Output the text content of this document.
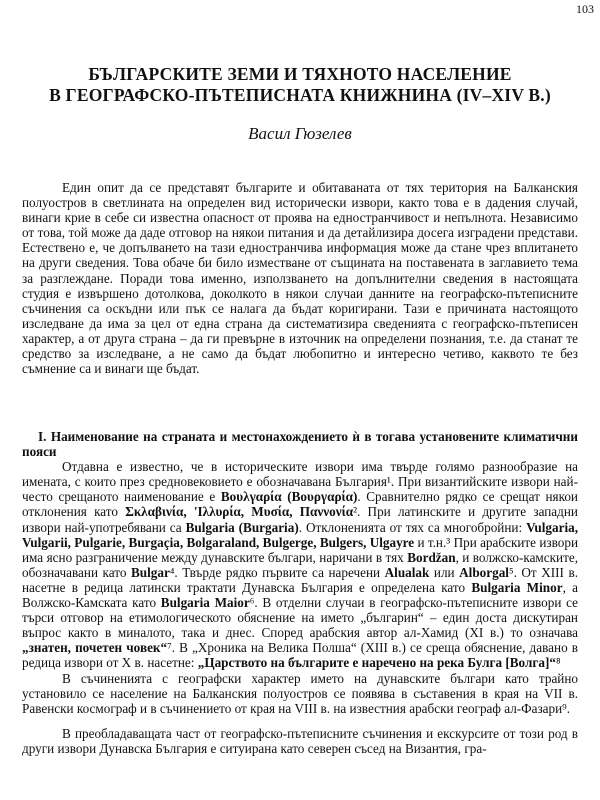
103
БЪЛГАРСКИТЕ ЗЕМИ И ТЯХНОТО НАСЕЛЕНИЕ
В ГЕОГРАФСКО-ПЪТЕПИСНАТА КНИЖНИНА (IV–XIV В.)
Васил Гюзелев

Един опит да се представят българите и обитаваната от тях територия на Балканския полуостров в светлината на определен вид исторически извори, както това е в дадения случай, винаги крие в себе си известна опасност от проява на едностранчивост и непълнота. Независимо от това, той може да даде отговор на някои питания и да детайлизира досега изградени представи. Естествено е, че допълването на тази едностранчива информация може да стане чрез вплитането на други сведения. Това обаче би било изместване от същината на поставената в заглавието тема за разглеждане. Поради това именно, използването на допълнителни сведения в настоящата студия е извършено дотолкова, доколкото в някои случаи данните на географско-пътеписните съчинения са оскъдни или пък се налага да бъдат коригирани. Тази е причината настоящото изследване да има за цел от една страна да систематизира сведенията с географско-пътеписен характер, а от друга страна – да ги превърне в източник на определени познания, т.е. да станат те средство за изследване, а не само да бъдат любопитно и интересно четиво, каквото те без съмнение са и винаги ще бъдат.

I. Наименование на страната и местонахождението ѝ в тогава установените климатични пояси

Отдавна е известно, че в историческите извори има твърде голямо разнообразие на имената, с които през средновековието е обозначавана България¹. При византийските извори най-често срещаното наименование е Βουλγαρία (Βουργαρία). Сравнително рядко се срещат някои отклонения като Σκλαβινία, 'Ιλλυρία, Μυσία, Παννονία². При латинските и другите западни извори най-употребявани са Bulgaria (Burgaria). Отклоненията от тях са многобройни: Vulgaria, Vulgarii, Pulgarie, Burgaçia, Bolgaraland, Bulgerge, Bulgers, Ulgayre и т.н.³ При арабските извори има ясно разграничение между дунавските българи, наричани в тях Bordžan, и волжско-камските, обозначавани като Bulgar⁴. Твърде рядко първите са наречени Alualak или Alborgal⁵. От XIII в. насетне в редица латински трактати Дунавска България е определена като Bulgaria Minor, а Волжско-Камската като Bulgaria Maior⁶. В отделни случаи в географско-пътеписните извори се търси отговор на етимологическото обяснение на името „българин“ – един доста дискутиран въпрос както в миналото, така и днес. Според арабския автор ал-Хамид (XI в.) то означава „знатен, почетен човек“⁷. В „Хроника на Велика Полша“ (XIII в.) се среща обяснение, давано в редица извори от Х в. насетне: „Царството на българите е наречено на река Булга [Волга]“⁸

В съчиненията с географски характер името на дунавските българи като трайно установило се население на Балканския полуостров се появява в съставения в края на VII в. Равенски космограф и в съчинението от края на VIII в. на известния арабски географ ал-Фазари⁹.

В преобладаващата част от географско-пътеписните съчинения и екскурсите от този род в други извори Дунавска България е ситуирана като северен съсед на Византия, гра-
